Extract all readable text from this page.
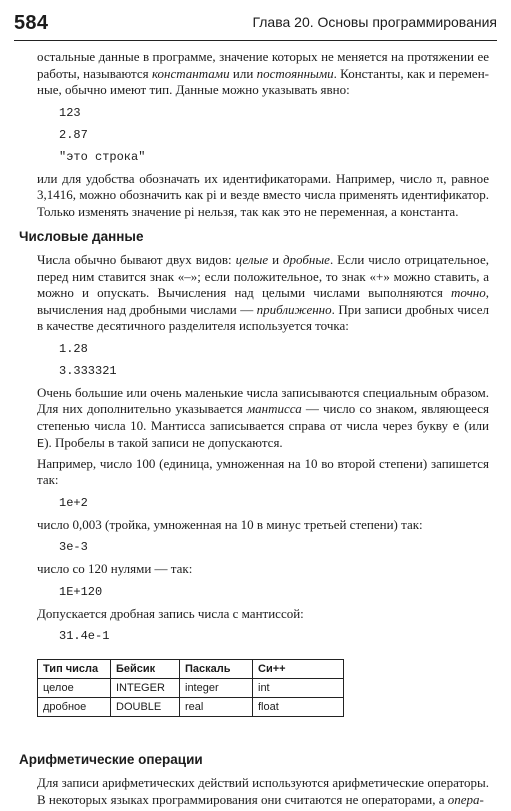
584	Глава 20. Основы программирования

остальные данные в программе, значение которых не меняется на протяжении ее работы, называются константами или постоянными. Константы, как и переменные, обычно имеют тип. Данные можно указывать явно:

123
2.87
"это строка"

или для удобства обозначать их идентификаторами. Например, число π, равное 3,1416, можно обозначить как pi и везде вместо числа применять идентификатор. Только изменять значение pi нельзя, так как это не переменная, а константа.

Числовые данные

Числа обычно бывают двух видов: целые и дробные. Если число отрицательное, перед ним ставится знак «–»; если положительное, то знак «+» можно ставить, а можно и опускать. Вычисления над целыми числами выполняются точно, вычисления над дробными числами — приближенно. При записи дробных чисел в качестве десятичного разделителя используется точка:

1.28
3.333321

Очень большие или очень маленькие числа записываются специальным образом. Для них дополнительно указывается мантисса — число со знаком, являющееся степенью числа 10. Мантисса записывается справа от числа через букву e (или E). Пробелы в такой записи не допускаются.

Например, число 100 (единица, умноженная на 10 во второй степени) запишется так:

1e+2

число 0,003 (тройка, умноженная на 10 в минус третьей степени) так:

3e-3

число со 120 нулями — так:

1E+120

Допускается дробная запись числа с мантиссой:

31.4e-1
Тип числа	Бейсик	Паскаль	Си++
целое	INTEGER	integer	int
дробное	DOUBLE	real	float
Арифметические операции

Для записи арифметических действий используются арифметические операторы. В некоторых языках программирования они считаются не операторами, а опера-
